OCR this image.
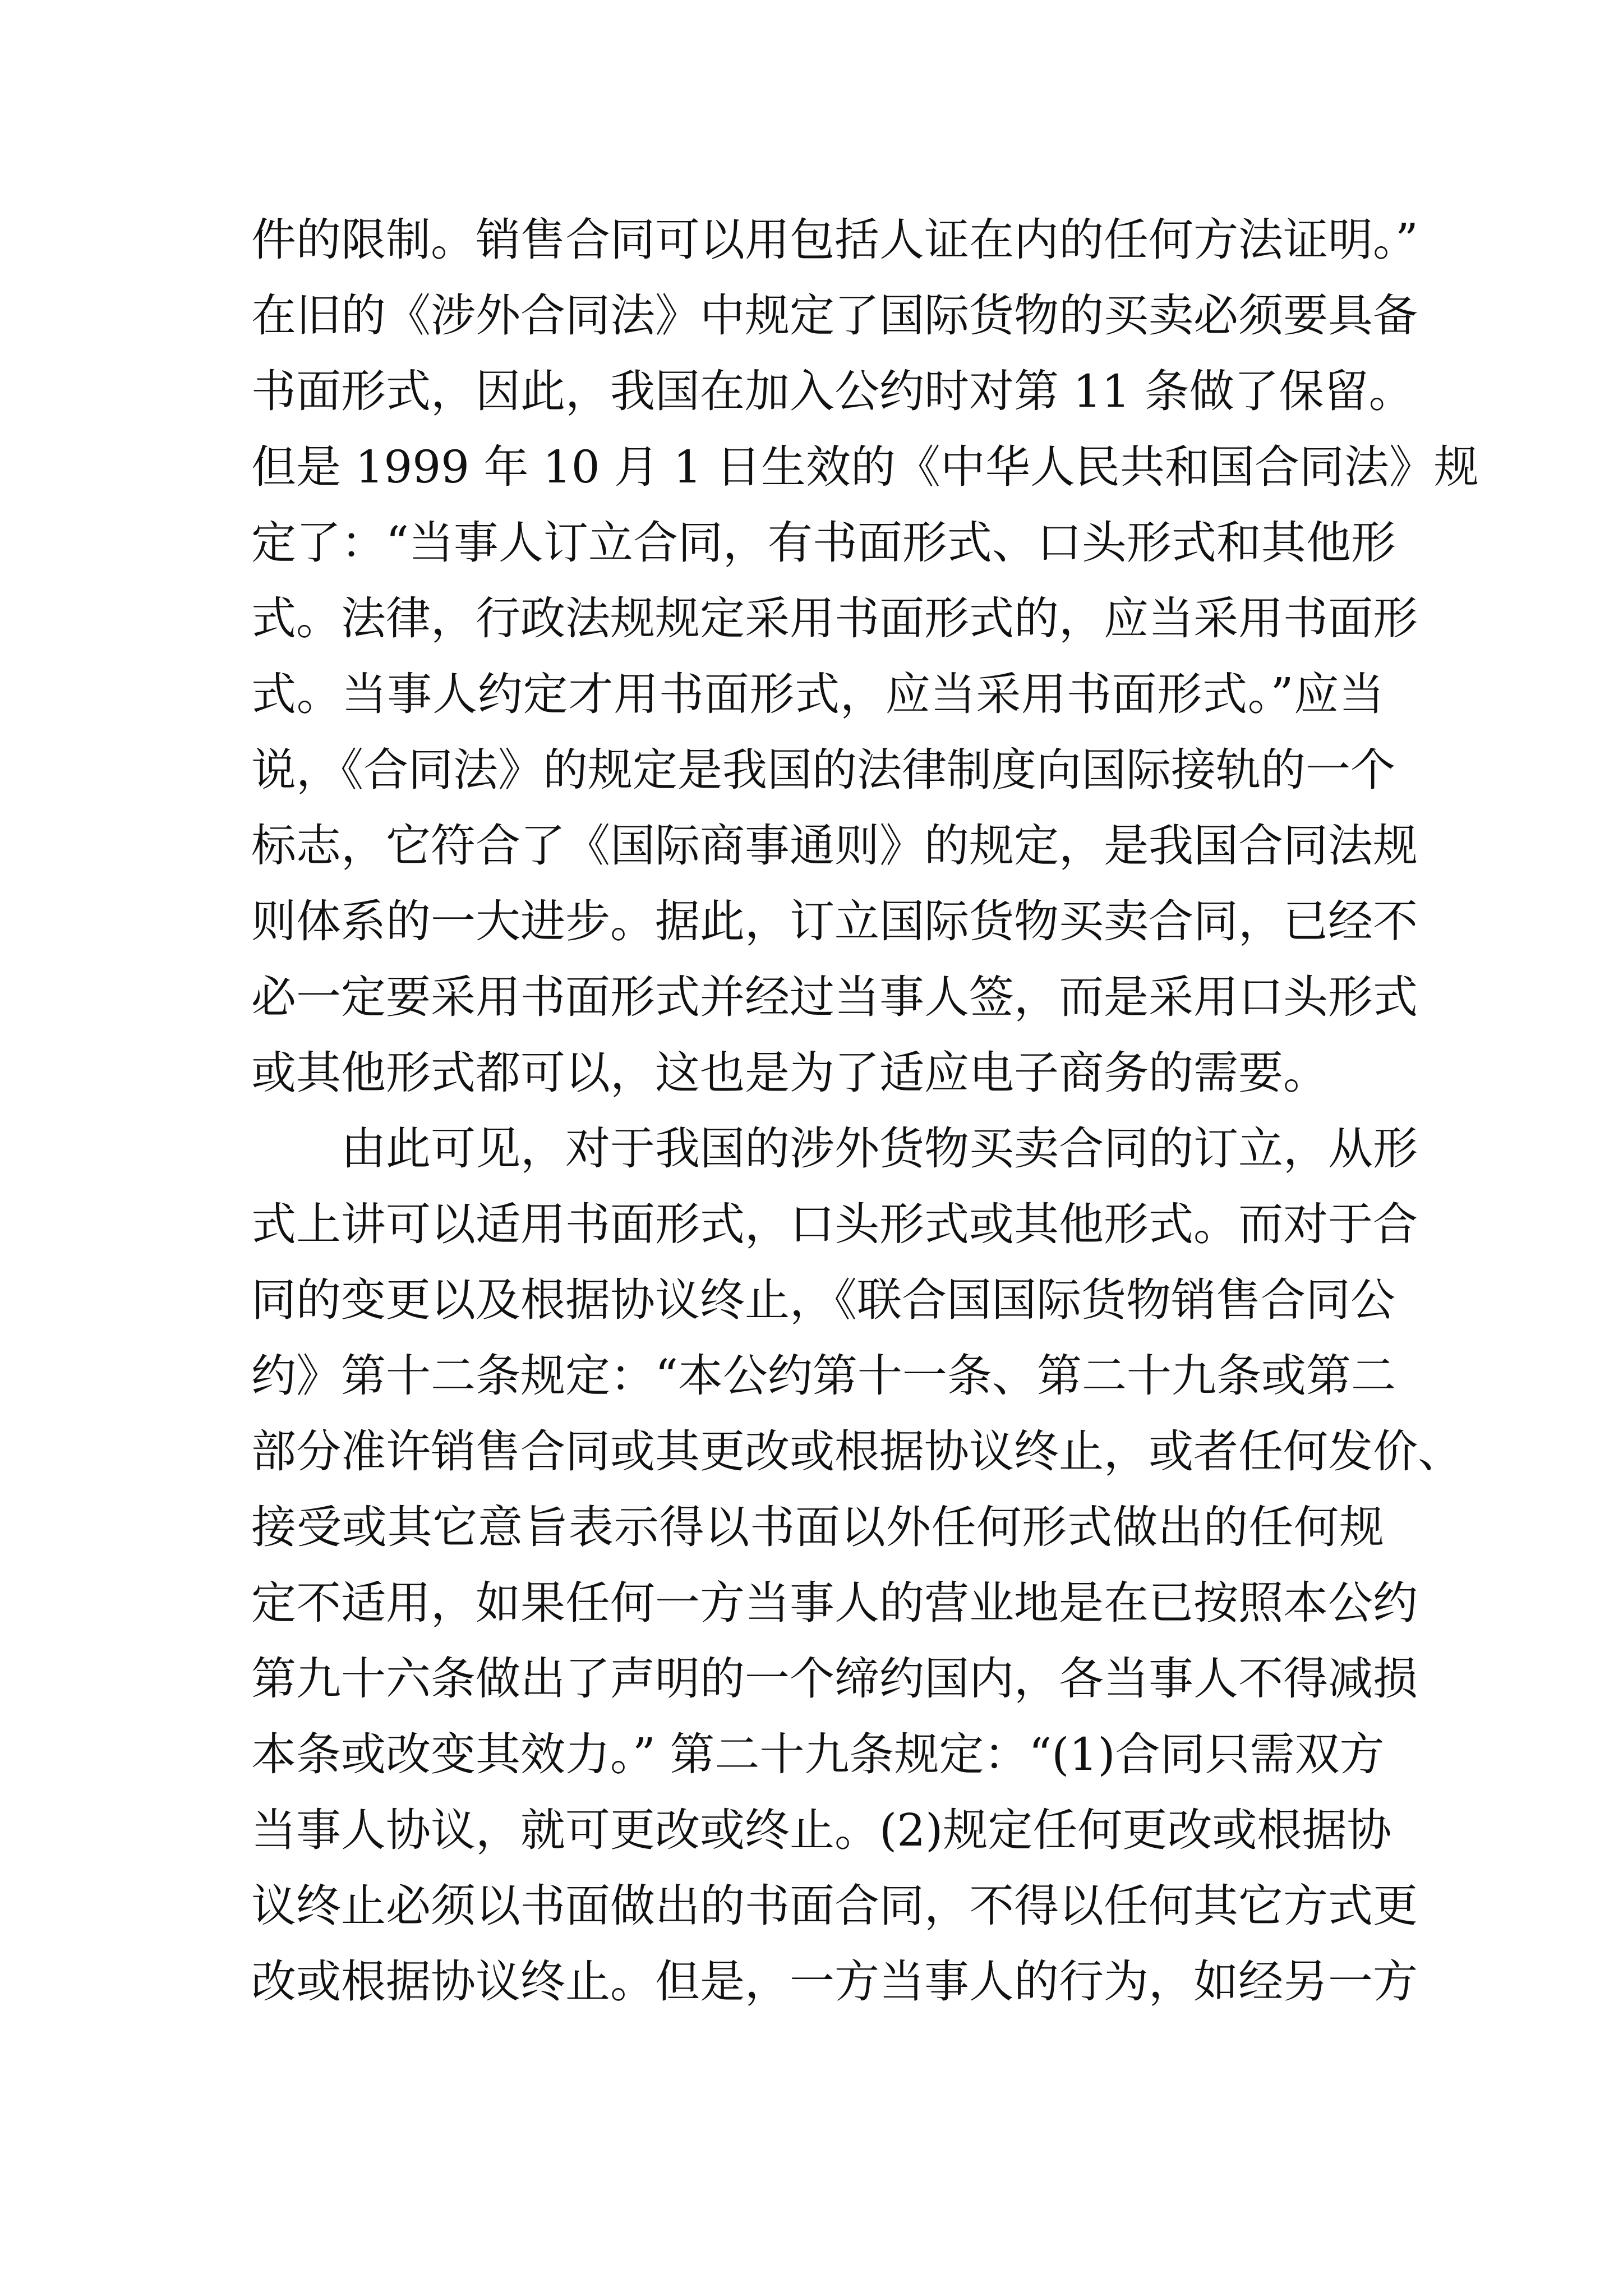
件的限制。销售合同可以用包括人证在内的任何方法证明。”
在旧的《涉外合同法》中规定了国际货物的买卖必须要具备
书面形式，因此，我国在加入公约时对第 11 条做了保留。
但是 1999 年 10 月 1 日生效的《中华人民共和国合同法》规
定了：“当事人订立合同，有书面形式、口头形式和其他形
式。法律，行政法规规定采用书面形式的，应当采用书面形
式。当事人约定才用书面形式，应当采用书面形式。”应当
说，《合同法》的规定是我国的法律制度向国际接轨的一个
标志，它符合了《国际商事通则》的规定，是我国合同法规
则体系的一大进步。据此，订立国际货物买卖合同，已经不
必一定要采用书面形式并经过当事人签，而是采用口头形式
或其他形式都可以，这也是为了适应电子商务的需要。
由此可见，对于我国的涉外货物买卖合同的订立，从形
式上讲可以适用书面形式，口头形式或其他形式。而对于合
同的变更以及根据协议终止，《联合国国际货物销售合同公
约》第十二条规定：“本公约第十一条、第二十九条或第二
部分准许销售合同或其更改或根据协议终止，或者任何发价、
接受或其它意旨表示得以书面以外任何形式做出的任何规
定不适用，如果任何一方当事人的营业地是在已按照本公约
第九十六条做出了声明的一个缔约国内，各当事人不得减损
本条或改变其效力。” 第二十九条规定：“(1)合同只需双方
当事人协议，就可更改或终止。(2)规定任何更改或根据协
议终止必须以书面做出的书面合同，不得以任何其它方式更
改或根据协议终止。但是，一方当事人的行为，如经另一方
